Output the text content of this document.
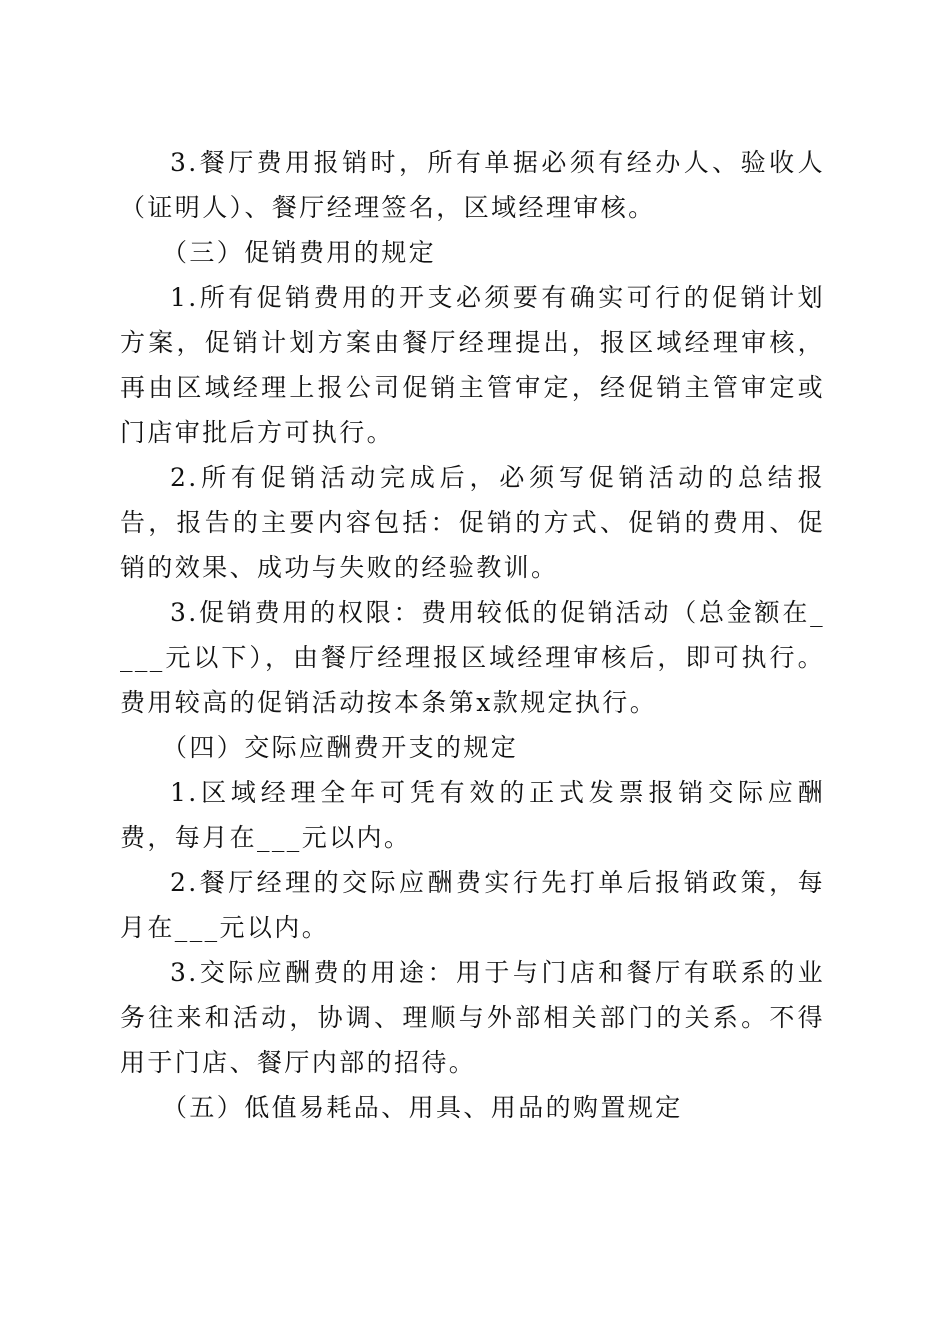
3.餐厅费用报销时，所有单据必须有经办人、验收人（证明人）、餐厅经理签名，区域经理审核。

（三）促销费用的规定

1.所有促销费用的开支必须要有确实可行的促销计划方案，促销计划方案由餐厅经理提出，报区域经理审核，再由区域经理上报公司促销主管审定，经促销主管审定或门店审批后方可执行。

2.所有促销活动完成后，必须写促销活动的总结报告，报告的主要内容包括：促销的方式、促销的费用、促销的效果、成功与失败的经验教训。

3.促销费用的权限：费用较低的促销活动（总金额在____元以下），由餐厅经理报区域经理审核后，即可执行。费用较高的促销活动按本条第x款规定执行。

（四）交际应酬费开支的规定

1.区域经理全年可凭有效的正式发票报销交际应酬费，每月在___元以内。

2.餐厅经理的交际应酬费实行先打单后报销政策，每月在___元以内。

3.交际应酬费的用途：用于与门店和餐厅有联系的业务往来和活动，协调、理顺与外部相关部门的关系。不得用于门店、餐厅内部的招待。

（五）低值易耗品、用具、用品的购置规定
